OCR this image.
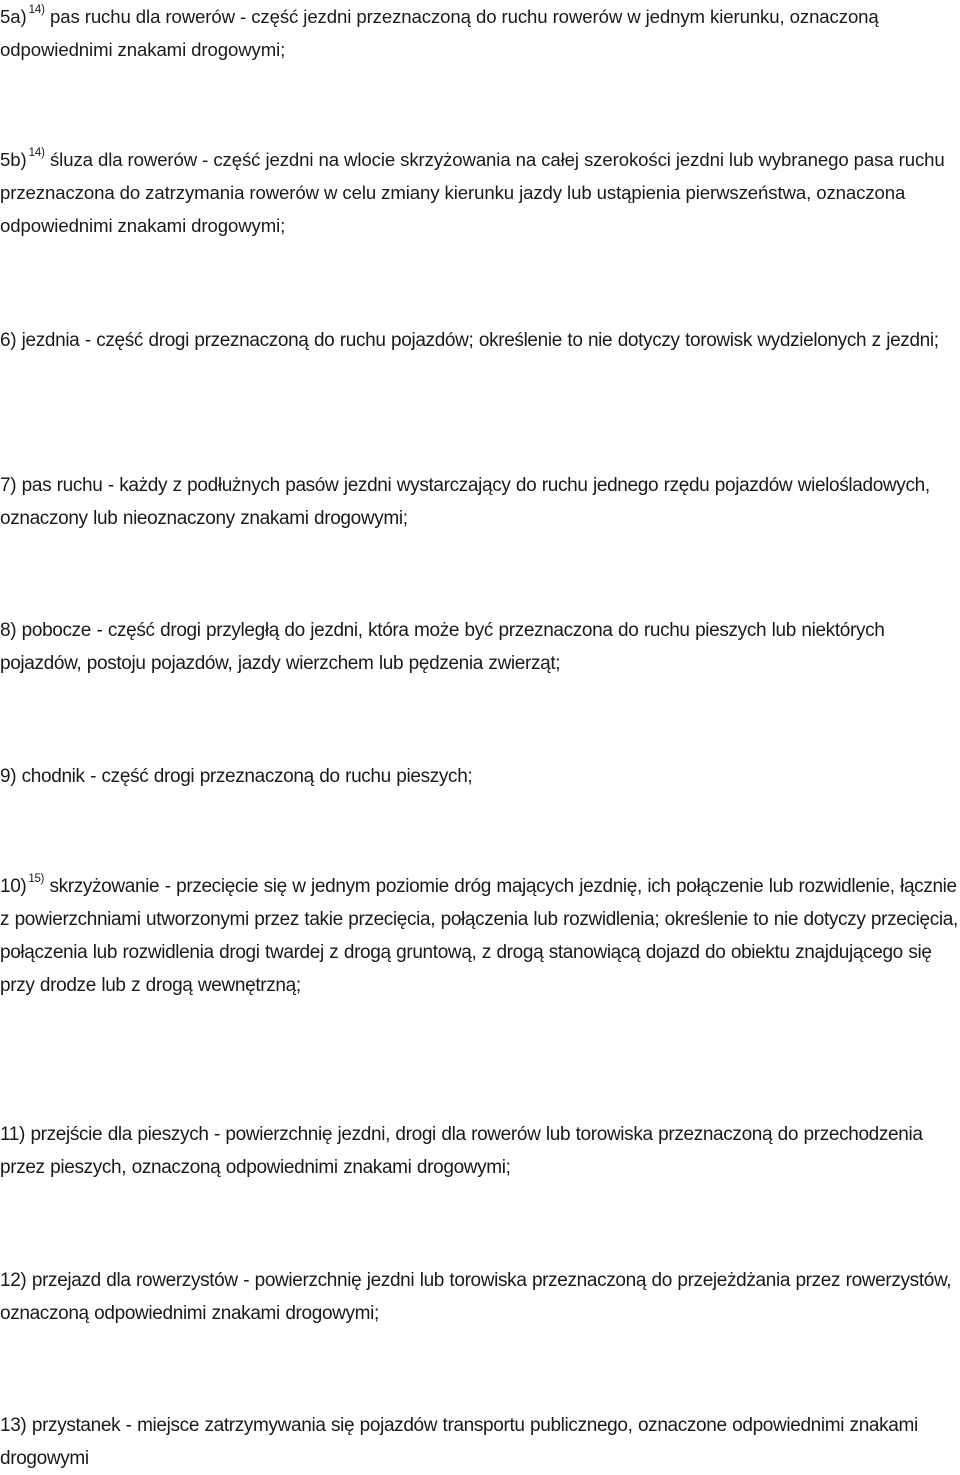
5a) $^{14)}$ pas ruchu dla rowerów - część jezdni przeznaczoną do ruchu rowerów w jednym kierunku, oznaczoną odpowiednimi znakami drogowymi;

5b) $^{14)}$ śluza dla rowerów - część jezdni na wlocie skrzyżowania na całej szerokości jezdni lub wybranego pasa ruchu przeznaczona do zatrzymania rowerów w celu zmiany kierunku jazdy lub ustąpienia pierwszeństwa, oznaczona odpowiednimi znakami drogowymi;

6) jezdnia - część drogi przeznaczoną do ruchu pojazdów; określenie to nie dotyczy torowisk wydzielonych z jezdni;

7) pas ruchu - każdy z podłużnych pasów jezdni wystarczający do ruchu jednego rzędu pojazdów wielośladowych, oznaczony lub nieoznaczony znakami drogowymi;

8) pobocze - część drogi przyległą do jezdni, która może być przeznaczona do ruchu pieszych lub niektórych pojazdów, postoju pojazdów, jazdy wierzchem lub pędzenia zwierząt;

9) chodnik - część drogi przeznaczoną do ruchu pieszych;

10) $^{15)}$ skrzyżowanie - przecięcie się w jednym poziomie dróg mających jezdnię, ich połączenie lub rozwidlenie, łącznie z powierzchniami utworzonymi przez takie przecięcia, połączenia lub rozwidlenia; określenie to nie dotyczy przecięcia, połączenia lub rozwidlenia drogi twardej z drogą gruntową, z drogą stanowiącą dojazd do obiektu znajdującego się przy drodze lub z drogą wewnętrzną;

11) przejście dla pieszych - powierzchnię jezdni, drogi dla rowerów lub torowiska przeznaczoną do przechodzenia przez pieszych, oznaczoną odpowiednimi znakami drogowymi;

12) przejazd dla rowerzystów - powierzchnię jezdni lub torowiska przeznaczoną do przejeżdżania przez rowerzystów, oznaczoną odpowiednimi znakami drogowymi;

13) przystanek - miejsce zatrzymywania się pojazdów transportu publicznego, oznaczone odpowiednimi znakami drogowymi
